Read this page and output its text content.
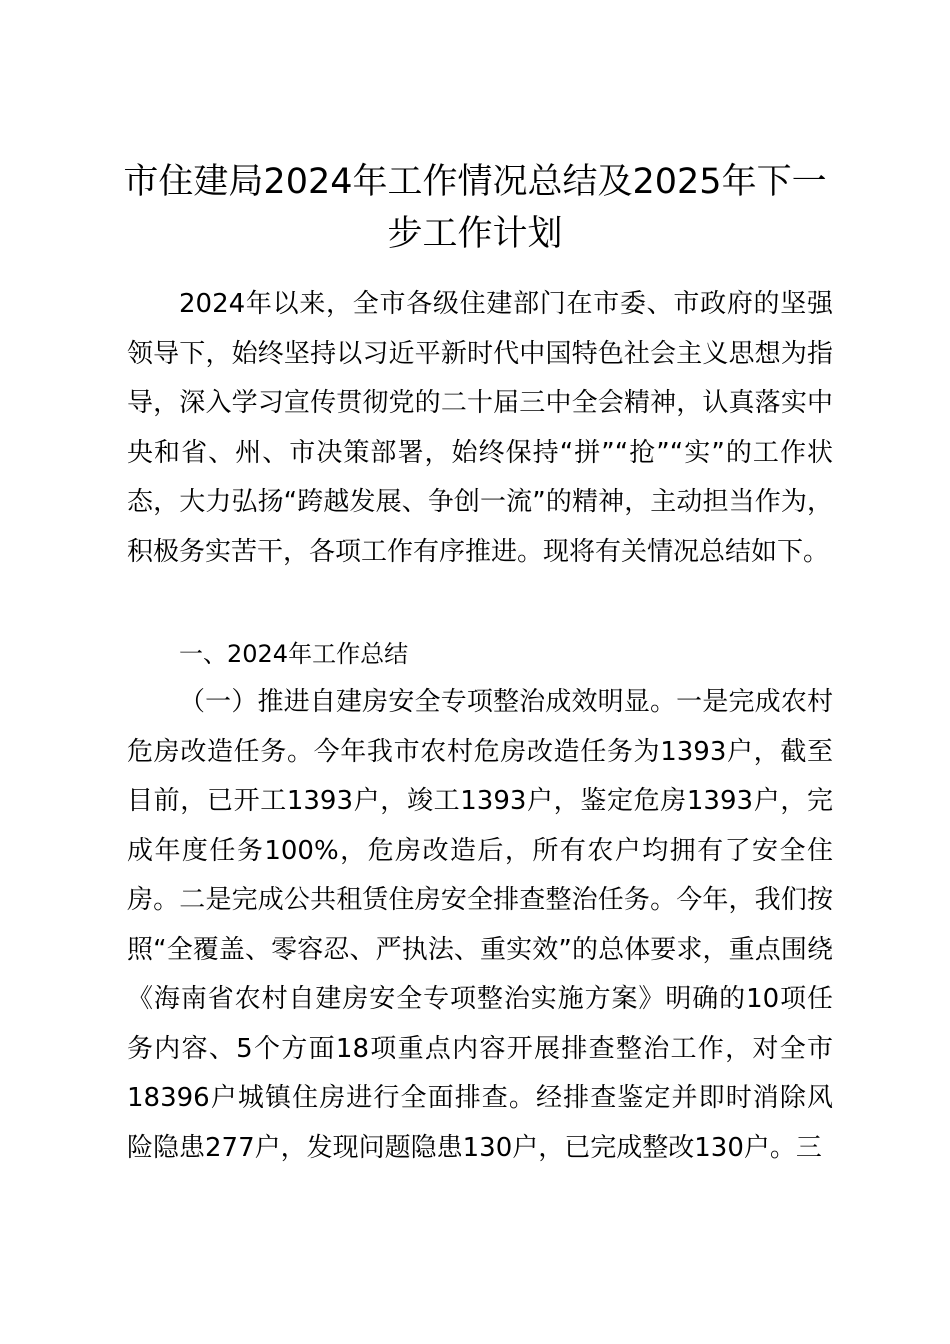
市住建局2024年工作情况总结及2025年下一步工作计划

2024年以来，全市各级住建部门在市委、市政府的坚强领导下，始终坚持以习近平新时代中国特色社会主义思想为指导，深入学习宣传贯彻党的二十届三中全会精神，认真落实中央和省、州、市决策部署，始终保持“拼”“抢”“实”的工作状态，大力弘扬“跨越发展、争创一流”的精神，主动担当作为，积极务实苦干，各项工作有序推进。现将有关情况总结如下。

一、2024年工作总结

（一）推进自建房安全专项整治成效明显。一是完成农村危房改造任务。今年我市农村危房改造任务为1393户，截至目前，已开工1393户，竣工1393户，鉴定危房1393户，完成年度任务100%，危房改造后，所有农户均拥有了安全住房。二是完成公共租赁住房安全排查整治任务。今年，我们按照“全覆盖、零容忍、严执法、重实效”的总体要求，重点围绕《海南省农村自建房安全专项整治实施方案》明确的10项任务内容、5个方面18项重点内容开展排查整治工作，对全市18396户城镇住房进行全面排查。经排查鉴定并即时消除风险隐患277户，发现问题隐患130户，已完成整改130户。三
